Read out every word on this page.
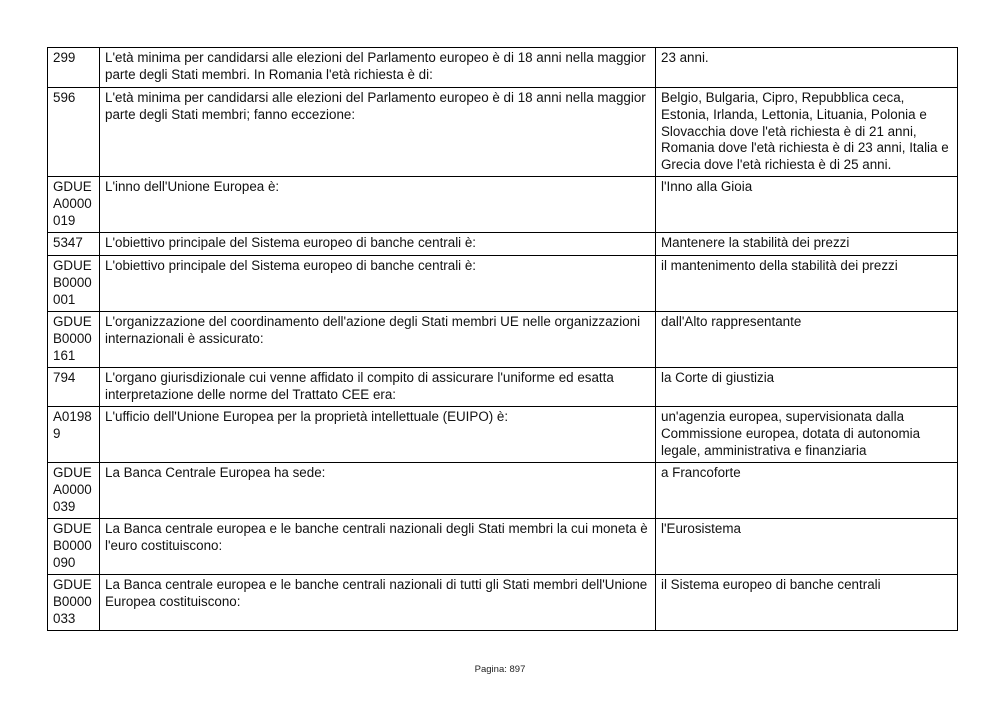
299	L'età minima per candidarsi alle elezioni del Parlamento europeo è di 18 anni nella maggior parte degli Stati membri. In Romania l'età richiesta è di:	23 anni.
596	L'età minima per candidarsi alle elezioni del Parlamento europeo è di 18 anni nella maggior parte degli Stati membri; fanno eccezione:	Belgio, Bulgaria, Cipro, Repubblica ceca, Estonia, Irlanda, Lettonia, Lituania, Polonia e Slovacchia dove l'età richiesta è di 21 anni, Romania dove l'età richiesta è di 23 anni, Italia e Grecia dove l'età richiesta è di 25 anni.
GDUE A0000 019	L'inno dell'Unione Europea è:	l'Inno alla Gioia
5347	L'obiettivo principale del Sistema europeo di banche centrali è:	Mantenere la stabilità dei prezzi
GDUE B0000 001	L'obiettivo principale del Sistema europeo di banche centrali è:	il mantenimento della stabilità dei prezzi
GDUE B0000 161	L'organizzazione del coordinamento dell'azione degli Stati membri UE nelle organizzazioni internazionali è assicurato:	dall'Alto rappresentante
794	L'organo giurisdizionale cui venne affidato il compito di assicurare l'uniforme ed esatta interpretazione delle norme del Trattato CEE era:	la Corte di giustizia
A0198 9	L'ufficio dell'Unione Europea per la proprietà intellettuale (EUIPO) è:	un'agenzia europea, supervisionata dalla Commissione europea, dotata di autonomia legale, amministrativa e finanziaria
GDUE A0000 039	La Banca Centrale Europea ha sede:	a Francoforte
GDUE B0000 090	La Banca centrale europea e le banche centrali nazionali degli Stati membri la cui moneta è l'euro costituiscono:	l'Eurosistema
GDUE B0000 033	La Banca centrale europea e le banche centrali nazionali di tutti gli Stati membri dell'Unione Europea costituiscono:	il Sistema europeo di banche centrali
Pagina: 897
